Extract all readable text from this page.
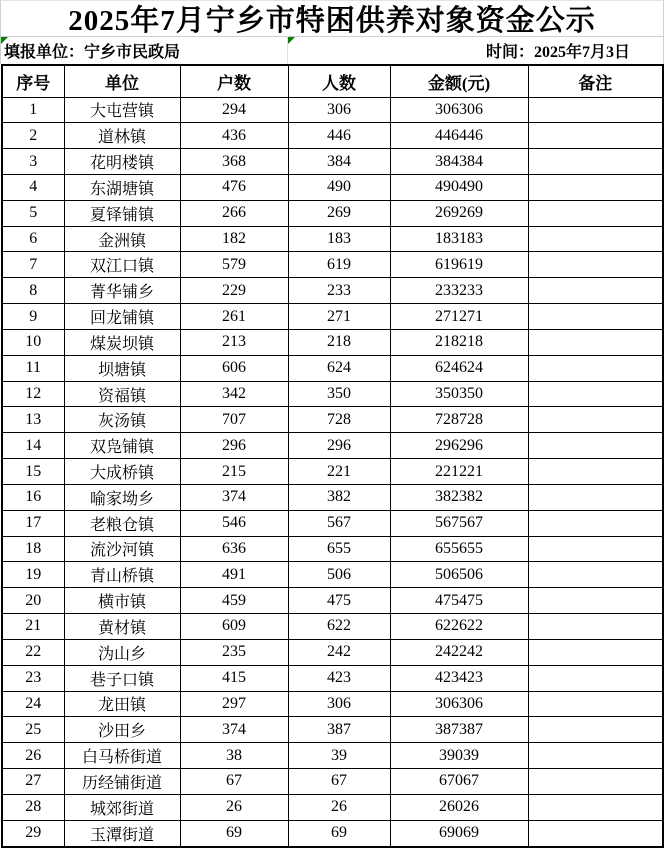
2025年7月宁乡市特困供养对象资金公示
填报单位：宁乡市民政局	时间：2025年7月3日
序号	单位	户数	人数	金额(元)	备注
1	大屯营镇	294	306	306306	
2	道林镇	436	446	446446	
3	花明楼镇	368	384	384384	
4	东湖塘镇	476	490	490490	
5	夏铎铺镇	266	269	269269	
6	金洲镇	182	183	183183	
7	双江口镇	579	619	619619	
8	菁华铺乡	229	233	233233	
9	回龙铺镇	261	271	271271	
10	煤炭坝镇	213	218	218218	
11	坝塘镇	606	624	624624	
12	资福镇	342	350	350350	
13	灰汤镇	707	728	728728	
14	双凫铺镇	296	296	296296	
15	大成桥镇	215	221	221221	
16	喻家坳乡	374	382	382382	
17	老粮仓镇	546	567	567567	
18	流沙河镇	636	655	655655	
19	青山桥镇	491	506	506506	
20	横市镇	459	475	475475	
21	黄材镇	609	622	622622	
22	沩山乡	235	242	242242	
23	巷子口镇	415	423	423423	
24	龙田镇	297	306	306306	
25	沙田乡	374	387	387387	
26	白马桥街道	38	39	39039	
27	历经铺街道	67	67	67067	
28	城郊街道	26	26	26026	
29	玉潭街道	69	69	69069	
